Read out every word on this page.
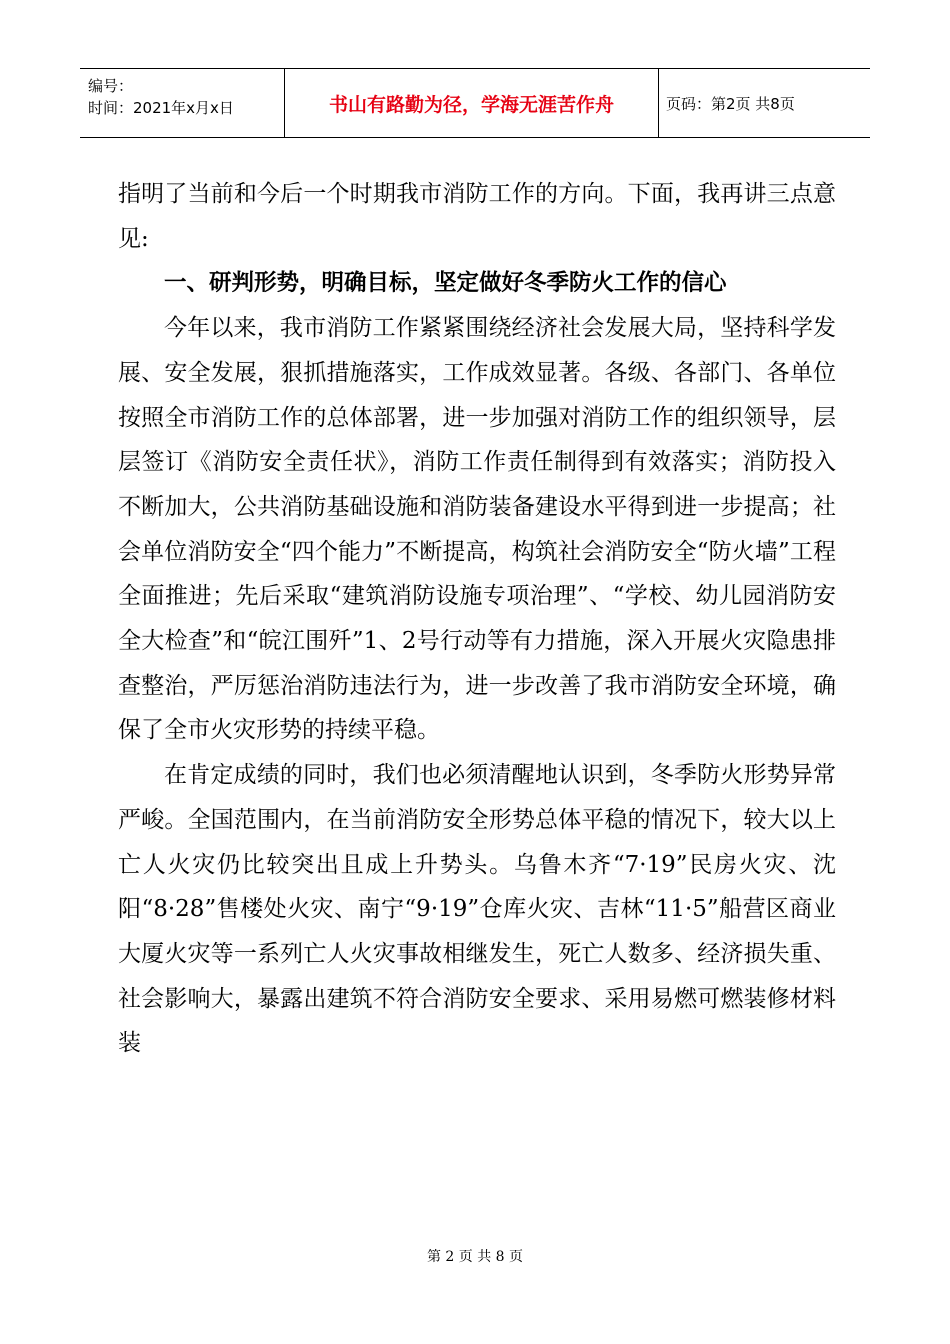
编号：
时间：2021年x月x日	书山有路勤为径，学海无涯苦作舟	页码：第2页 共8页

指明了当前和今后一个时期我市消防工作的方向。下面，我再讲三点意见:

一、研判形势，明确目标，坚定做好冬季防火工作的信心

今年以来，我市消防工作紧紧围绕经济社会发展大局，坚持科学发展、安全发展，狠抓措施落实，工作成效显著。各级、各部门、各单位按照全市消防工作的总体部署，进一步加强对消防工作的组织领导，层层签订《消防安全责任状》，消防工作责任制得到有效落实；消防投入不断加大，公共消防基础设施和消防装备建设水平得到进一步提高；社会单位消防安全“四个能力”不断提高，构筑社会消防安全“防火墙”工程全面推进；先后采取“建筑消防设施专项治理”、“学校、幼儿园消防安全大检查”和“皖江围歼”1、2号行动等有力措施，深入开展火灾隐患排查整治，严厉惩治消防违法行为，进一步改善了我市消防安全环境，确保了全市火灾形势的持续平稳。

在肯定成绩的同时，我们也必须清醒地认识到，冬季防火形势异常严峻。全国范围内，在当前消防安全形势总体平稳的情况下，较大以上亡人火灾仍比较突出且成上升势头。乌鲁木齐“7·19”民房火灾、沈阳“8·28”售楼处火灾、南宁“9·19”仓库火灾、吉林“11·5”船营区商业大厦火灾等一系列亡人火灾事故相继发生，死亡人数多、经济损失重、社会影响大，暴露出建筑不符合消防安全要求、采用易燃可燃装修材料装

第 2 页 共 8 页
